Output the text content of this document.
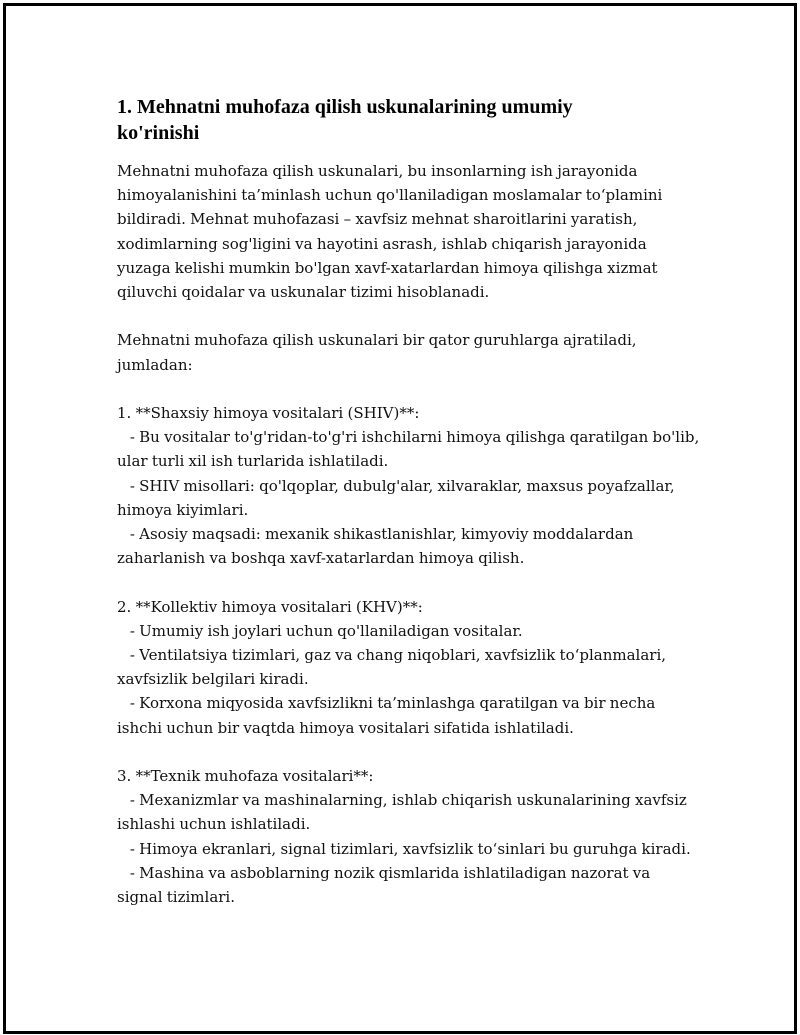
1. Mehnatni muhofaza qilish uskunalarining umumiy
ko'rinishi
Mehnatni muhofaza qilish uskunalari, bu insonlarning ish jarayonida
himoyalanishini ta’minlash uchun qo'llaniladigan moslamalar to‘plamini
bildiradi. Mehnat muhofazasi – xavfsiz mehnat sharoitlarini yaratish,
xodimlarning sog'ligini va hayotini asrash, ishlab chiqarish jarayonida
yuzaga kelishi mumkin bo'lgan xavf-xatarlardan himoya qilishga xizmat
qiluvchi qoidalar va uskunalar tizimi hisoblanadi.
Mehnatni muhofaza qilish uskunalari bir qator guruhlarga ajratiladi,
jumladan:
1. **Shaxsiy himoya vositalari (SHIV)**:
- Bu vositalar to'g'ridan-to'g'ri ishchilarni himoya qilishga qaratilgan bo'lib,
ular turli xil ish turlarida ishlatiladi.
- SHIV misollari: qo'lqoplar, dubulg'alar, xilvaraklar, maxsus poyafzallar,
himoya kiyimlari.
- Asosiy maqsadi: mexanik shikastlanishlar, kimyoviy moddalardan
zaharlanish va boshqa xavf-xatarlardan himoya qilish.
2. **Kollektiv himoya vositalari (KHV)**:
- Umumiy ish joylari uchun qo'llaniladigan vositalar.
- Ventilatsiya tizimlari, gaz va chang niqoblari, xavfsizlik to‘planmalari,
xavfsizlik belgilari kiradi.
- Korxona miqyosida xavfsizlikni ta’minlashga qaratilgan va bir necha
ishchi uchun bir vaqtda himoya vositalari sifatida ishlatiladi.
3. **Texnik muhofaza vositalari**:
- Mexanizmlar va mashinalarning, ishlab chiqarish uskunalarining xavfsiz
ishlashi uchun ishlatiladi.
- Himoya ekranlari, signal tizimlari, xavfsizlik to‘sinlari bu guruhga kiradi.
- Mashina va asboblarning nozik qismlarida ishlatiladigan nazorat va
signal tizimlari.
